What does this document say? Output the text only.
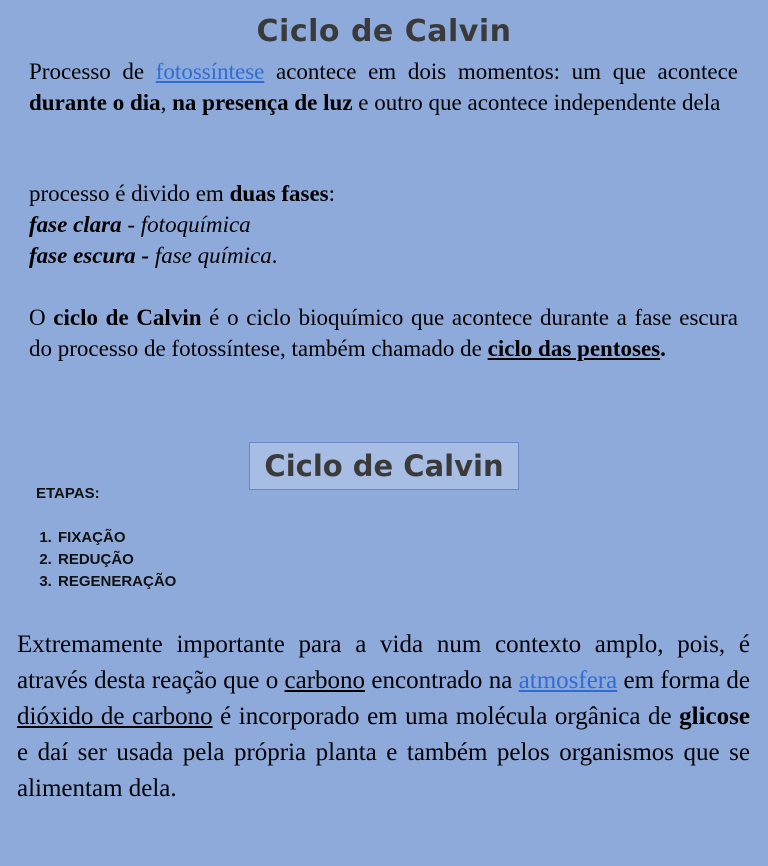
Ciclo de Calvin

Processo de fotossíntese acontece em dois momentos: um que acontece durante o dia, na presença de luz e outro que acontece independente dela

processo é divido em duas fases:
fase clara - fotoquímica
fase escura - fase química.

O ciclo de Calvin é o ciclo bioquímico que acontece durante a fase escura do processo de fotossíntese, também chamado de ciclo das pentoses.

Ciclo de Calvin
ETAPAS:
1. FIXAÇÃO
2. REDUÇÃO
3. REGENERAÇÃO

Extremamente importante para a vida num contexto amplo, pois, é através desta reação que o carbono encontrado na atmosfera em forma de dióxido de carbono é incorporado em uma molécula orgânica de glicose e daí ser usada pela própria planta e também pelos organismos que se alimentam dela.
